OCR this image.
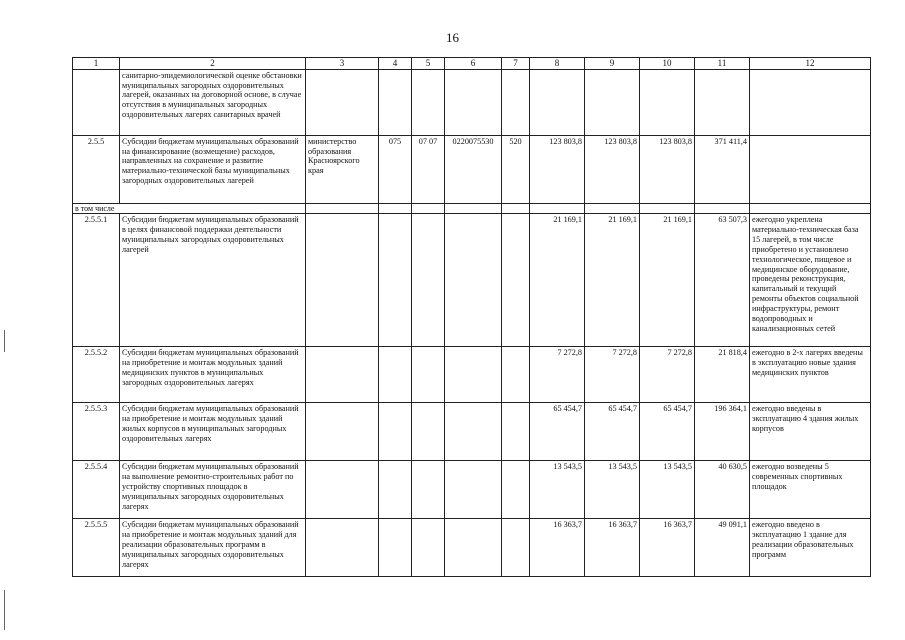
16
1	2	3	4	5	6	7	8	9	10	11	12
	санитарно-эпидемиологической оценке обстановки муниципальных загородных оздоровительных лагерей, оказанных на договорной основе, в случае отсутствия в муниципальных загородных оздоровительных лагерях санитарных врачей										
2.5.5	Субсидии бюджетам муниципальных образований на финансирование (возмещение) расходов, направленных на сохранение и развитие материально-технической базы муниципальных загородных оздоровительных лагерей	министерство образования Красноярского края	075	07 07	0220075530	520	123 803,8	123 803,8	123 803,8	371 411,4	
в том числе											
2.5.5.1	Субсидии бюджетам муниципальных образований в целях финансовой поддержки деятельности муниципальных загородных оздоровительных лагерей						21 169,1	21 169,1	21 169,1	63 507,3	ежегодно укреплена материально-техническая база 15 лагерей, в том числе приобретено и установлено технологическое, пищевое и медицинское оборудование, проведены реконструкция, капитальный и текущий ремонты объектов социальной инфраструктуры, ремонт водопроводных и канализационных сетей
2.5.5.2	Субсидии бюджетам муниципальных образований на приобретение и монтаж модульных зданий медицинских пунктов в муниципальных загородных оздоровительных лагерях						7 272,8	7 272,8	7 272,8	21 818,4	ежегодно в 2-х лагерях введены в эксплуатацию новые здания медицинских пунктов
2.5.5.3	Субсидии бюджетам муниципальных образований на приобретение и монтаж модульных зданий жилых корпусов в муниципальных загородных оздоровительных лагерях						65 454,7	65 454,7	65 454,7	196 364,1	ежегодно введены в эксплуатацию 4 здания жилых корпусов
2.5.5.4	Субсидии бюджетам муниципальных образований на выполнение ремонтно-строительных работ по устройству спортивных площадок в муниципальных загородных оздоровительных лагерях						13 543,5	13 543,5	13 543,5	40 630,5	ежегодно возведены 5 современных спортивных площадок
2.5.5.5	Субсидии бюджетам муниципальных образований на приобретение и монтаж модульных зданий для реализации образовательных программ в муниципальных загородных оздоровительных лагерях						16 363,7	16 363,7	16 363,7	49 091,1	ежегодно введено в эксплуатацию 1 здание для реализации образовательных программ
